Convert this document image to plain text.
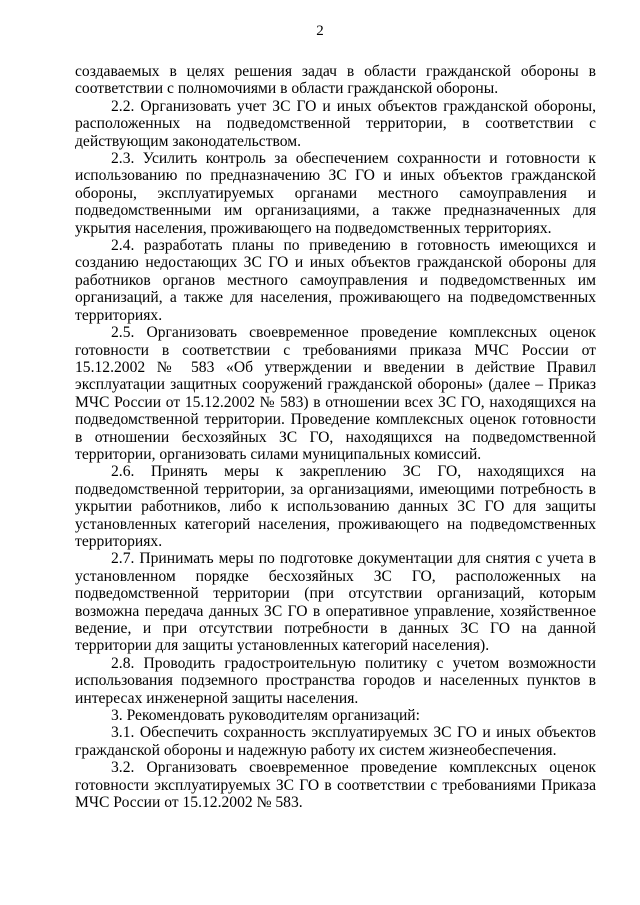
2

создаваемых в целях решения задач в области гражданской обороны в соответствии с полномочиями в области гражданской обороны.

2.2. Организовать учет ЗС ГО и иных объектов гражданской обороны, расположенных на подведомственной территории, в соответствии с действующим законодательством.

2.3. Усилить контроль за обеспечением сохранности и готовности к использованию по предназначению ЗС ГО и иных объектов гражданской обороны, эксплуатируемых органами местного самоуправления и подведомственными им организациями, а также предназначенных для укрытия населения, проживающего на подведомственных территориях.

2.4. разработать планы по приведению в готовность имеющихся и созданию недостающих ЗС ГО и иных объектов гражданской обороны для работников органов местного самоуправления и подведомственных им организаций, а также для населения, проживающего на подведомственных территориях.

2.5. Организовать своевременное проведение комплексных оценок готовности в соответствии с требованиями приказа МЧС России от 15.12.2002 № 583 «Об утверждении и введении в действие Правил эксплуатации защитных сооружений гражданской обороны» (далее – Приказ МЧС России от 15.12.2002 № 583) в отношении всех ЗС ГО, находящихся на подведомственной территории. Проведение комплексных оценок готовности в отношении бесхозяйных ЗС ГО, находящихся на подведомственной территории, организовать силами муниципальных комиссий.

2.6. Принять меры к закреплению ЗС ГО, находящихся на подведомственной территории, за организациями, имеющими потребность в укрытии работников, либо к использованию данных ЗС ГО для защиты установленных категорий населения, проживающего на подведомственных территориях.

2.7. Принимать меры по подготовке документации для снятия с учета в установленном порядке бесхозяйных ЗС ГО, расположенных на подведомственной территории (при отсутствии организаций, которым возможна передача данных ЗС ГО в оперативное управление, хозяйственное ведение, и при отсутствии потребности в данных ЗС ГО на данной территории для защиты установленных категорий населения).

2.8. Проводить градостроительную политику с учетом возможности использования подземного пространства городов и населенных пунктов в интересах инженерной защиты населения.

3. Рекомендовать руководителям организаций:

3.1. Обеспечить сохранность эксплуатируемых ЗС ГО и иных объектов гражданской обороны и надежную работу их систем жизнеобеспечения.

3.2. Организовать своевременное проведение комплексных оценок готовности эксплуатируемых ЗС ГО в соответствии с требованиями Приказа МЧС России от 15.12.2002 № 583.
